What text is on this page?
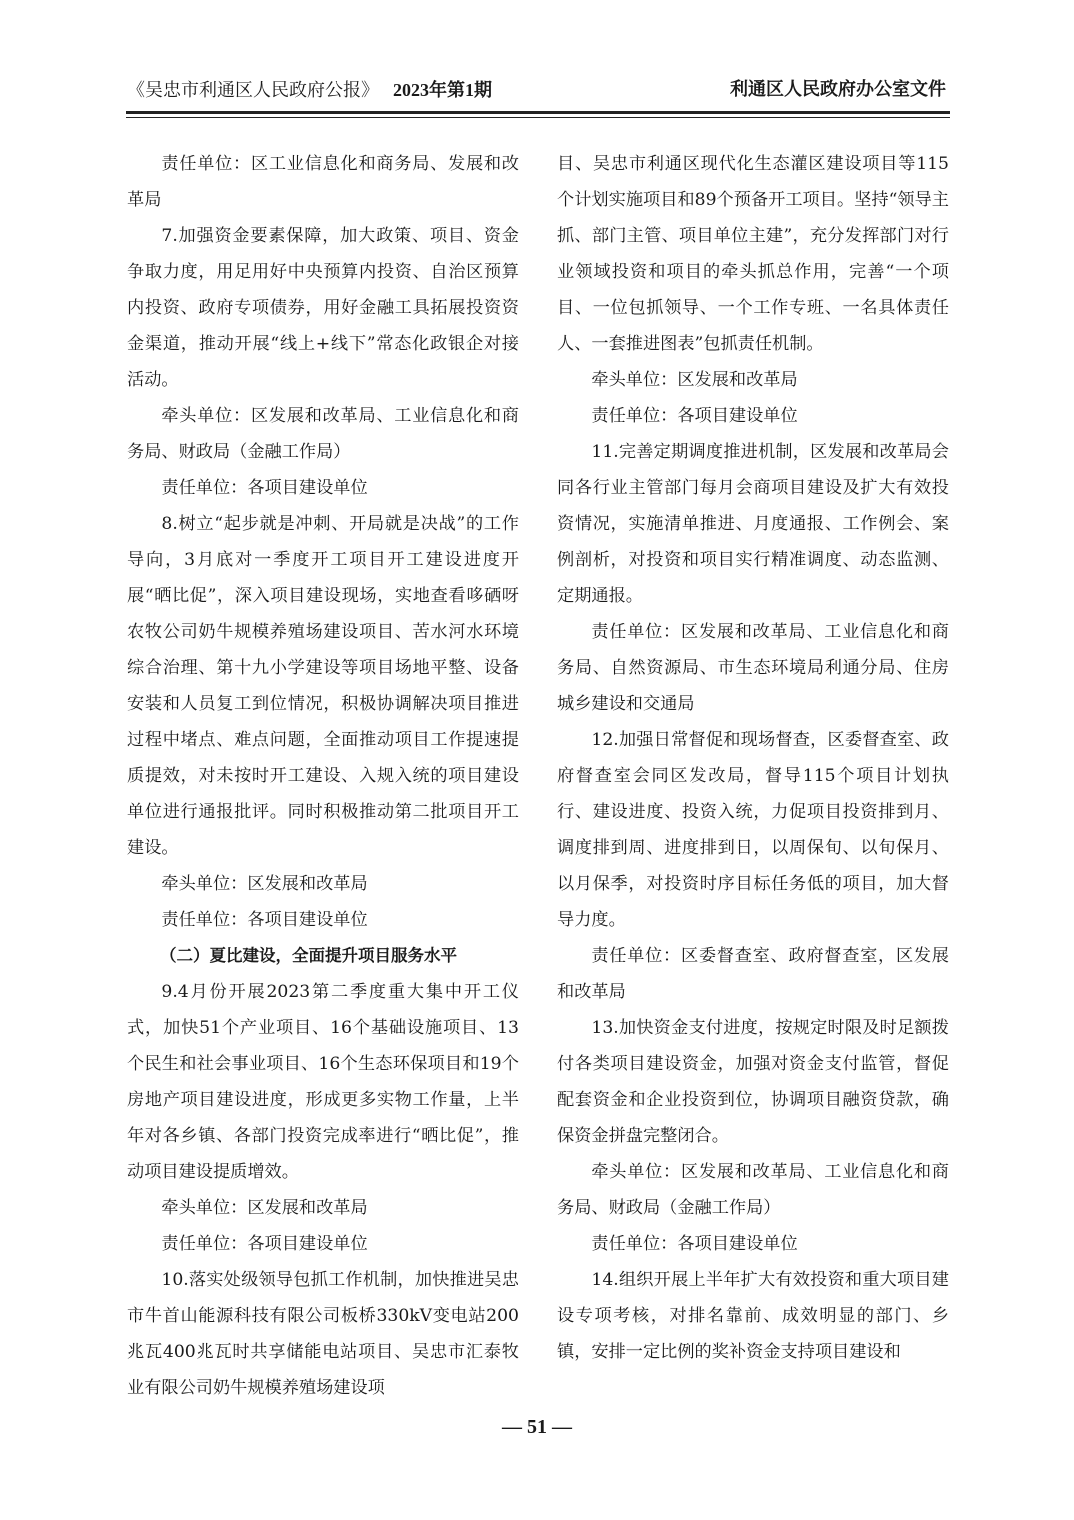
《吴忠市利通区人民政府公报》 2023年第1期	利通区人民政府办公室文件

责任单位：区工业信息化和商务局、发展和改革局

7.加强资金要素保障，加大政策、项目、资金争取力度，用足用好中央预算内投资、自治区预算内投资、政府专项债券，用好金融工具拓展投资资金渠道，推动开展“线上+线下”常态化政银企对接活动。

牵头单位：区发展和改革局、工业信息化和商务局、财政局（金融工作局）

责任单位：各项目建设单位

8.树立“起步就是冲刺、开局就是决战”的工作导向，3月底对一季度开工项目开工建设进度开展“晒比促”，深入项目建设现场，实地查看哆硒呀农牧公司奶牛规模养殖场建设项目、苦水河水环境综合治理、第十九小学建设等项目场地平整、设备安装和人员复工到位情况，积极协调解决项目推进过程中堵点、难点问题，全面推动项目工作提速提质提效，对未按时开工建设、入规入统的项目建设单位进行通报批评。同时积极推动第二批项目开工建设。

牵头单位：区发展和改革局

责任单位：各项目建设单位

（二）夏比建设，全面提升项目服务水平

9.4月份开展2023第二季度重大集中开工仪式，加快51个产业项目、16个基础设施项目、13个民生和社会事业项目、16个生态环保项目和19个房地产项目建设进度，形成更多实物工作量，上半年对各乡镇、各部门投资完成率进行“晒比促”，推动项目建设提质增效。

牵头单位：区发展和改革局

责任单位：各项目建设单位

10.落实处级领导包抓工作机制，加快推进吴忠市牛首山能源科技有限公司板桥330kV变电站200兆瓦400兆瓦时共享储能电站项目、吴忠市汇泰牧业有限公司奶牛规模养殖场建设项

目、吴忠市利通区现代化生态灌区建设项目等115个计划实施项目和89个预备开工项目。坚持“领导主抓、部门主管、项目单位主建”，充分发挥部门对行业领域投资和项目的牵头抓总作用，完善“一个项目、一位包抓领导、一个工作专班、一名具体责任人、一套推进图表”包抓责任机制。

牵头单位：区发展和改革局

责任单位：各项目建设单位

11.完善定期调度推进机制，区发展和改革局会同各行业主管部门每月会商项目建设及扩大有效投资情况，实施清单推进、月度通报、工作例会、案例剖析，对投资和项目实行精准调度、动态监测、定期通报。

责任单位：区发展和改革局、工业信息化和商务局、自然资源局、市生态环境局利通分局、住房城乡建设和交通局

12.加强日常督促和现场督查，区委督查室、政府督查室会同区发改局，督导115个项目计划执行、建设进度、投资入统，力促项目投资排到月、调度排到周、进度排到日，以周保旬、以旬保月、以月保季，对投资时序目标任务低的项目，加大督导力度。

责任单位：区委督查室、政府督查室，区发展和改革局

13.加快资金支付进度，按规定时限及时足额拨付各类项目建设资金，加强对资金支付监管，督促配套资金和企业投资到位，协调项目融资贷款，确保资金拼盘完整闭合。

牵头单位：区发展和改革局、工业信息化和商务局、财政局（金融工作局）

责任单位：各项目建设单位

14.组织开展上半年扩大有效投资和重大项目建设专项考核，对排名靠前、成效明显的部门、乡镇，安排一定比例的奖补资金支持项目建设和

— 51 —
